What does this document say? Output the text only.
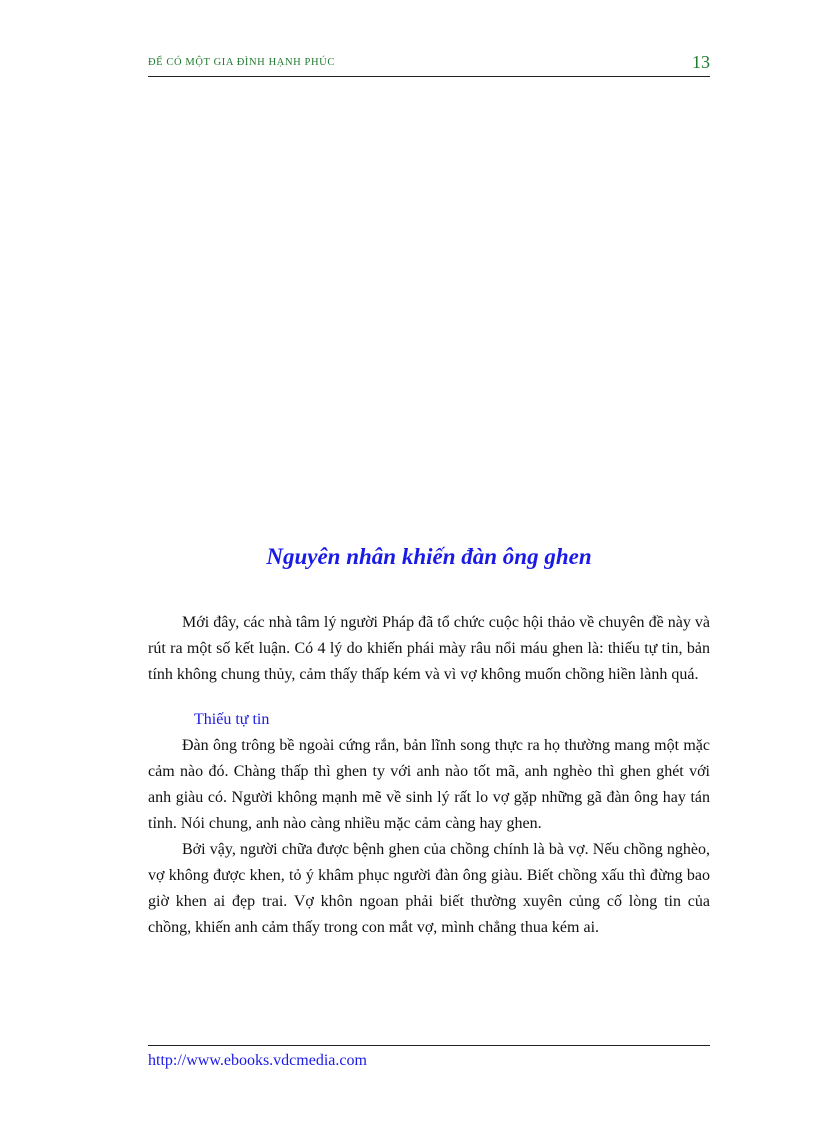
ĐỂ CÓ MỘT GIA ĐÌNH HẠNH PHÚC	13
Nguyên nhân khiến đàn ông ghen

Mới đây, các nhà tâm lý người Pháp đã tổ chức cuộc hội thảo về chuyên đề này và rút ra một số kết luận. Có 4 lý do khiến phái mày râu nổi máu ghen là: thiếu tự tin, bản tính không chung thủy, cảm thấy thấp kém và vì vợ không muốn chồng hiền lành quá.

Thiếu tự tin

Đàn ông trông bề ngoài cứng rắn, bản lĩnh song thực ra họ thường mang một mặc cảm nào đó. Chàng thấp thì ghen ty với anh nào tốt mã, anh nghèo thì ghen ghét với anh giàu có. Người không mạnh mẽ về sinh lý rất lo vợ gặp những gã đàn ông hay tán tỉnh. Nói chung, anh nào càng nhiều mặc cảm càng hay ghen.

Bởi vậy, người chữa được bệnh ghen của chồng chính là bà vợ. Nếu chồng nghèo, vợ không được khen, tỏ ý khâm phục người đàn ông giàu. Biết chồng xấu thì đừng bao giờ khen ai đẹp trai. Vợ khôn ngoan phải biết thường xuyên củng cố lòng tin của chồng, khiến anh cảm thấy trong con mắt vợ, mình chẳng thua kém ai.

http://www.ebooks.vdcmedia.com
